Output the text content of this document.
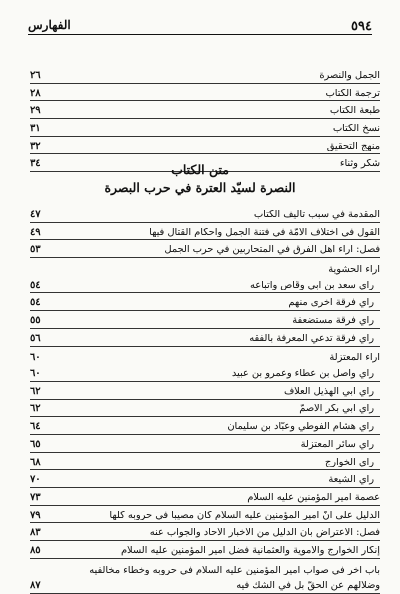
٥٩٤
الفهارس
الجمل والنصرة
٢٦
ترجمة الكتاب
٢٨
طبعة الكتاب
٢٩
نسخ الكتاب
٣١
منهج التحقيق
٣٢
شكر وثناء
٣٤	متن الكتاب
النصرة لسيّد العترة في حرب البصرة
المقدمة في سبب تأليف الكتاب
٤٧
القول في اختلاف الأمّة في فتنة الجمل وأحكام القتال فيها
٤٩
فصل: آراء أهل الفرق في المتحاربين في حرب الجمل
٥٣
آراء الحشوية
رأي سعد بن أبي وقّاص وأتباعه
٥٤
رأي فرقة أخرى منهم
٥٤
رأي فرقة مستضعفة
٥٥
رأي فرقة تدعي المعرفة بالفقه
٥٦
آراء المعتزلة
٦٠
رأي واصل بن عطاء وعمرو بن عبيد
٦٠
رأي أبي الهذيل العلّاف
٦٢
رأي أبي بكر الأصمّ
٦٢
رأي هشام الفوطي وعبّاد بن سليمان
٦٤
رأي سائر المعتزلة
٦٥
رأي الخوارج
٦٨
رأي الشيعة
٧٠
عصمة أمير المؤمنين عليه السلام
٧٣
الدليل على أنّ أمير المؤمنين عليه السلام كان مصيباً في حروبه كلّها
٧٩
فصل: الاعتراض بأن الدليل من الأخبار الآحاد والجواب عنه
٨٣
إنكار الخوارج والأموية والعثمانية فضل أمير المؤمنين عليه السلام
٨٥
باب آخر في صواب أمير المؤمنين عليه السلام في حروبه وخطاء مخالفيه
وضلالهم عن الحقّ بل في الشكّ فيه
٨٧
